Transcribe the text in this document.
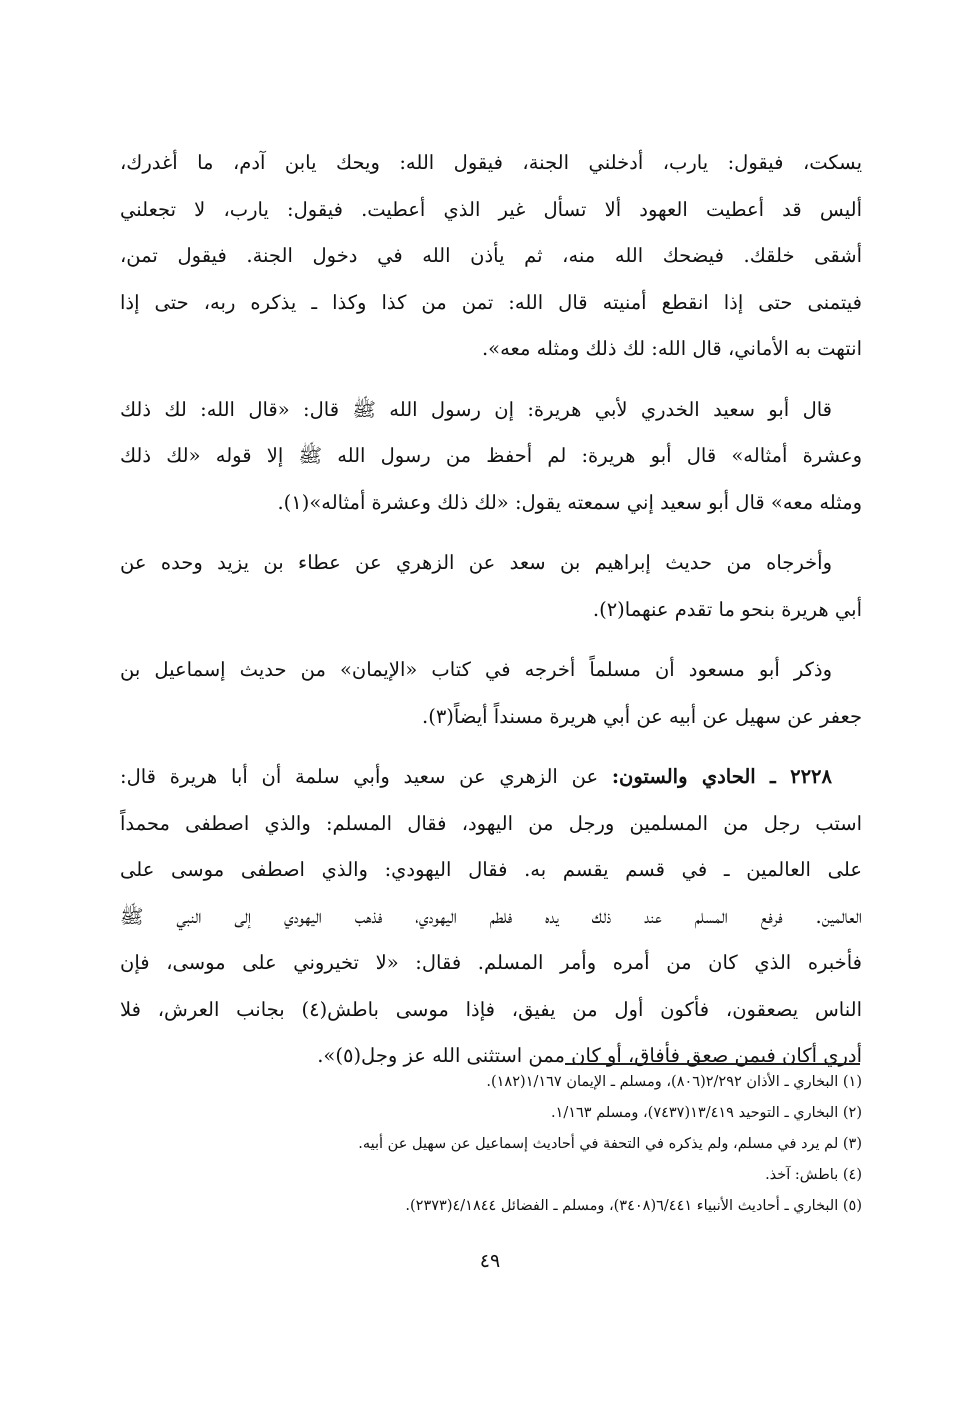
يسكت، فيقول: يارب، أدخلني الجنة، فيقول الله: ويحك يابن آدم، ما أغدرك،
أليس قد أعطيت العهود ألا تسأل غير الذي أعطيت. فيقول: يارب، لا تجعلني
أشقى خلقك. فيضحك الله منه، ثم يأذن الله في دخول الجنة. فيقول تمن،
فيتمنى حتى إذا انقطع أمنيته قال الله: تمن من كذا وكذا ـ يذكره ربه، حتى إذا
انتهت به الأماني، قال الله: لك ذلك ومثله معه».
قال أبو سعيد الخدري لأبي هريرة: إن رسول الله ﷺ قال: «قال الله: لك ذلك
وعشرة أمثاله» قال أبو هريرة: لم أحفظ من رسول الله ﷺ إلا قوله «لك ذلك
ومثله معه» قال أبو سعيد إني سمعته يقول: «لك ذلك وعشرة أمثاله»(١).
وأخرجاه من حديث إبراهيم بن سعد عن الزهري عن عطاء بن يزيد وحده عن
أبي هريرة بنحو ما تقدم عنهما(٢).
وذكر أبو مسعود أن مسلماً أخرجه في كتاب «الإيمان» من حديث إسماعيل بن
جعفر عن سهيل عن أبيه عن أبي هريرة مسنداً أيضاً(٣).
٢٢٢٨ ـ الحادي والستون: عن الزهري عن سعيد وأبي سلمة أن أبا هريرة قال:
استب رجل من المسلمين ورجل من اليهود، فقال المسلم: والذي اصطفى محمداً
على العالمين ـ في قسم يقسم به. فقال اليهودي: والذي اصطفى موسى على
العالمين. فرفع المسلم عند ذلك يده فلطم اليهودي، فذهب اليهودي إلى النبي ﷺ
فأخبره الذي كان من أمره وأمر المسلم. فقال: «لا تخيروني على موسى، فإن
الناس يصعقون، فأكون أول من يفيق، فإذا موسى باطش(٤) بجانب العرش، فلا
أدري أكان فيمن صعق فأفاق، أو كان ممن استثنى الله عز وجل(٥)».
(١) البخاري ـ الأذان ٢/٢٩٢(٨٠٦)، ومسلم ـ الإيمان ١/١٦٧(١٨٢).
(٢) البخاري ـ التوحيد ١٣/٤١٩(٧٤٣٧)، ومسلم ١/١٦٣.
(٣) لم يرد في مسلم، ولم يذكره في التحفة في أحاديث إسماعيل عن سهيل عن أبيه.
(٤) باطش: آخذ.
(٥) البخاري ـ أحاديث الأنبياء ٦/٤٤١(٣٤٠٨)، ومسلم ـ الفضائل ٤/١٨٤٤(٢٣٧٣).
٤٩
